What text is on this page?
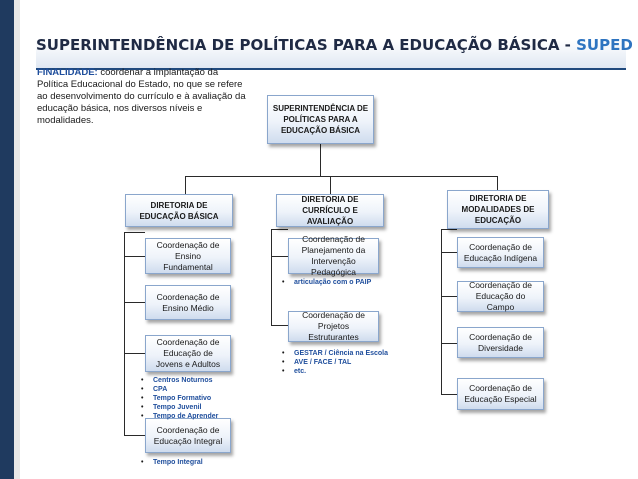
SUPERINTENDÊNCIA DE POLÍTICAS PARA A EDUCAÇÃO BÁSICA - SUPED
FINALIDADE: coordenar a implantação da Política Educacional do Estado, no que se refere ao desenvolvimento do currículo e à avaliação da educação básica, nos diversos níveis e modalidades.
SUPERINTENDÊNCIA DE POLÍTICAS PARA A EDUCAÇÃO BÁSICA
DIRETORIA DE EDUCAÇÃO BÁSICA
DIRETORIA DE CURRÍCULO E AVALIAÇÃO
DIRETORIA DE MODALIDADES DE EDUCAÇÃO
Coordenação de Ensino Fundamental
Coordenação de Ensino Médio
Coordenação de Educação de Jovens e Adultos
Coordenação de Educação Integral
Coordenação de Planejamento da Intervenção Pedagógica
Coordenação de Projetos Estruturantes
Coordenação de Educação Indígena
Coordenação de Educação do Campo
Coordenação de Diversidade
Coordenação de Educação Especial
• articulação com o PAIP
• GESTAR / Ciência na Escola
• AVE / FACE / TAL
• etc.
• Centros Noturnos
• CPA
• Tempo Formativo
• Tempo Juvenil
• Tempo de Aprender
• Tempo Integral
